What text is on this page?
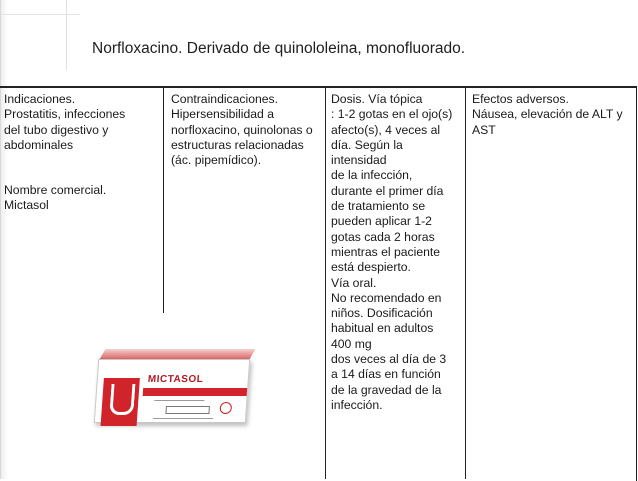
Norfloxacino. Derivado de quinololeina, monofluorado.

Indicaciones.

Prostatitis, infecciones

del tubo digestivo y

abdominales

Nombre comercial.

Mictasol

Contraindicaciones.

Hipersensibilidad a

norfloxacino, quinolonas o

estructuras relacionadas

(ác. pipemídico).

Dosis. Vía tópica

: 1-2 gotas en el ojo(s)

afecto(s), 4 veces al

día. Según la

intensidad

de la infección,

durante el primer día

de tratamiento se

pueden aplicar 1-2

gotas cada 2 horas

mientras el paciente

está despierto.

Vía oral.

No recomendado en

niños. Dosificación

habitual en adultos

400 mg

dos veces al día de 3

a 14 días en función

de la gravedad de la

infección.

Efectos adversos.

Náusea, elevación de ALT y

AST

MICTASOL
